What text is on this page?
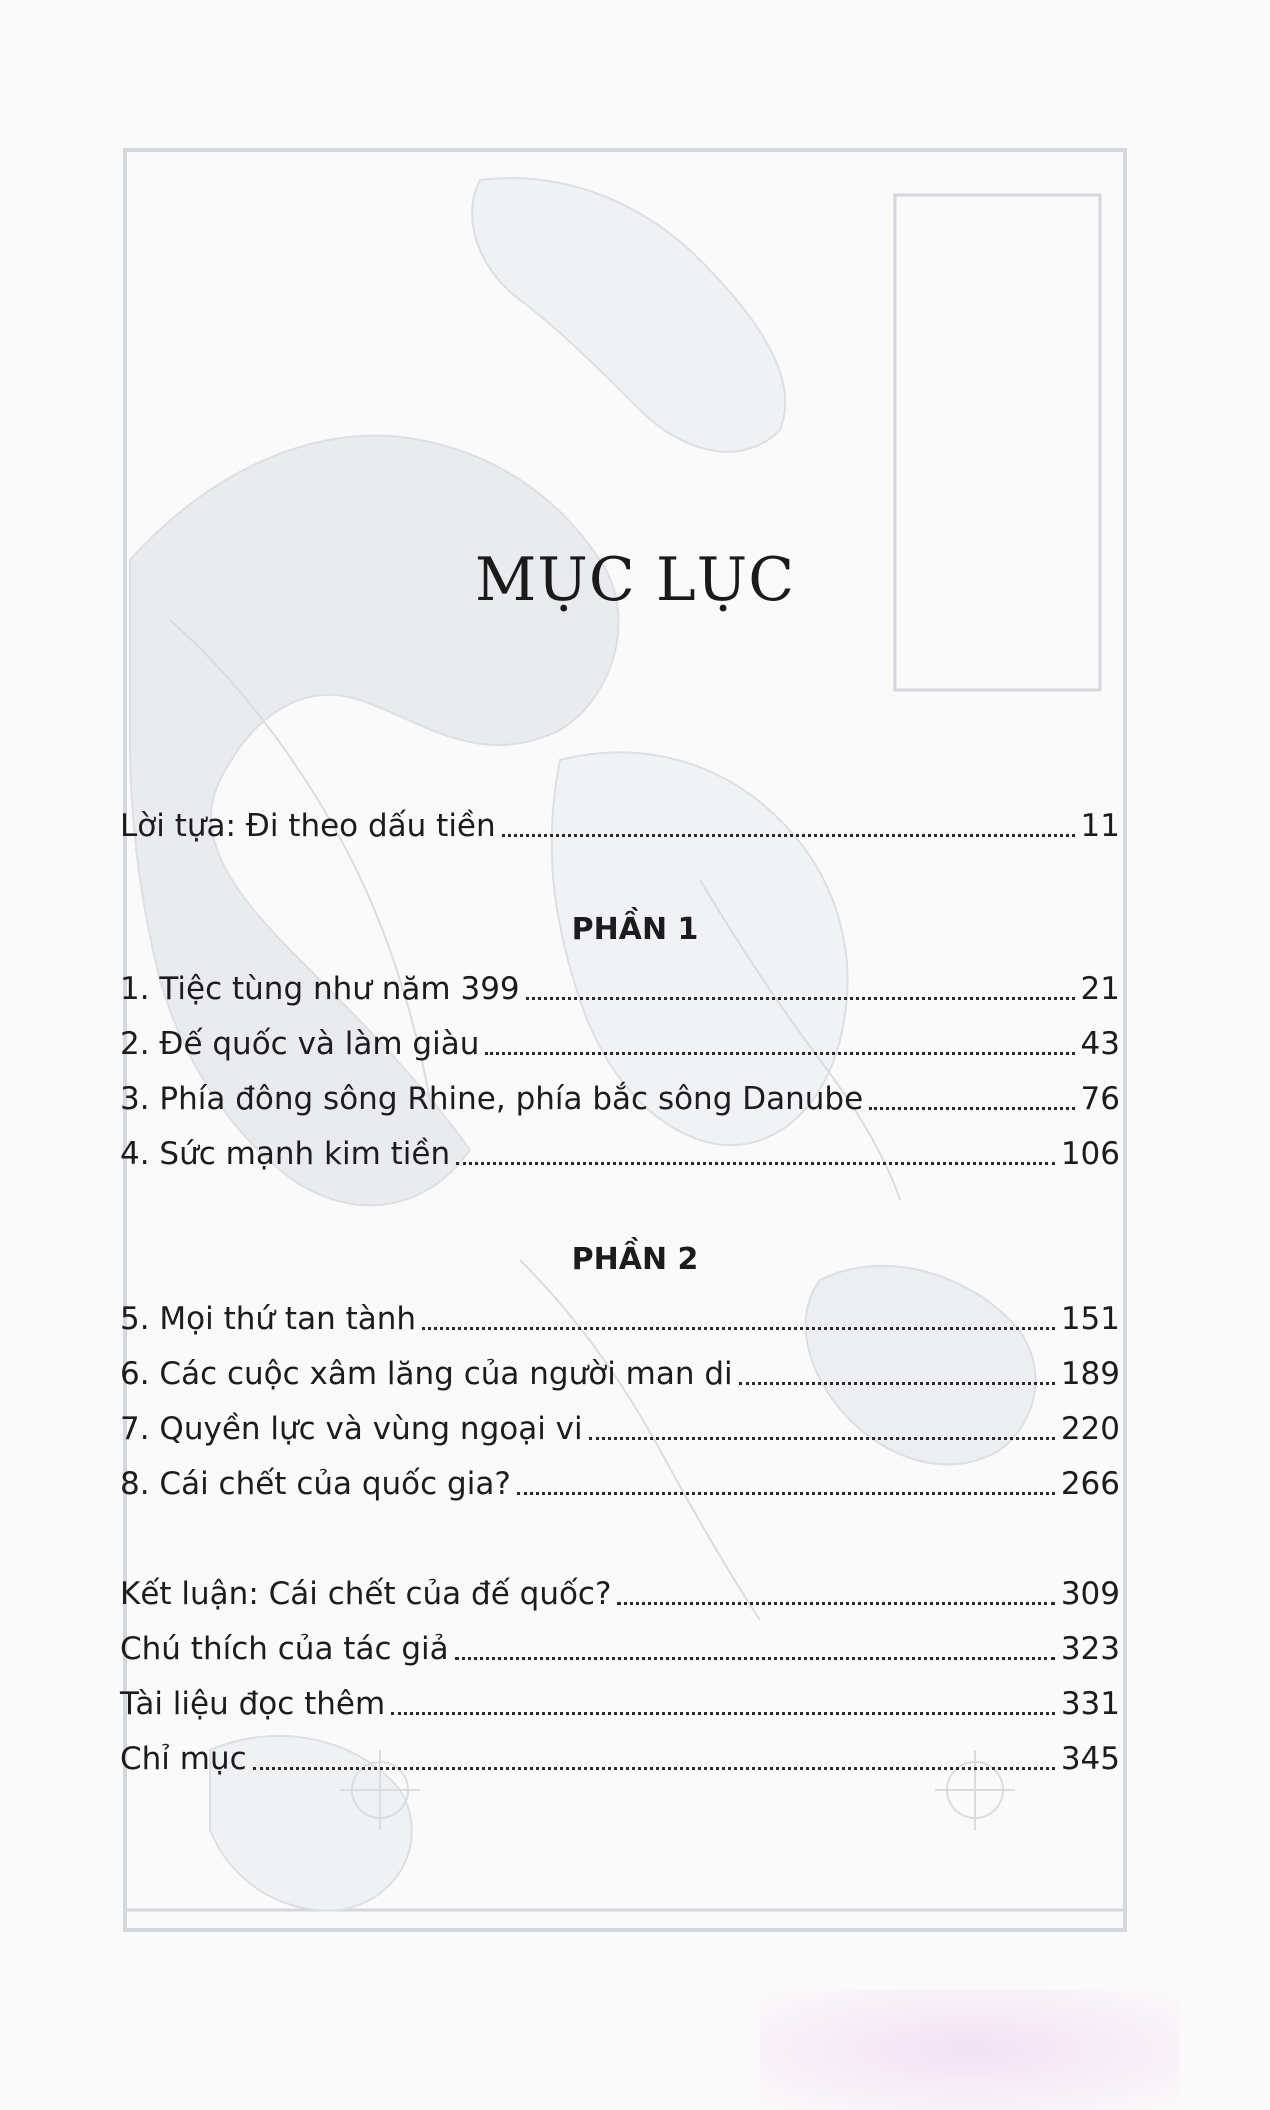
MỤC LỤC
Lời tựa: Đi theo dấu tiền	11
PHẦN 1
1. Tiệc tùng như năm 399	21
2. Đế quốc và làm giàu	43
3. Phía đông sông Rhine, phía bắc sông Danube	76
4. Sức mạnh kim tiền	106
PHẦN 2
5. Mọi thứ tan tành	151
6. Các cuộc xâm lăng của người man di	189
7. Quyền lực và vùng ngoại vi	220
8. Cái chết của quốc gia?	266
Kết luận: Cái chết của đế quốc?	309
Chú thích của tác giả	323
Tài liệu đọc thêm	331
Chỉ mục	345
